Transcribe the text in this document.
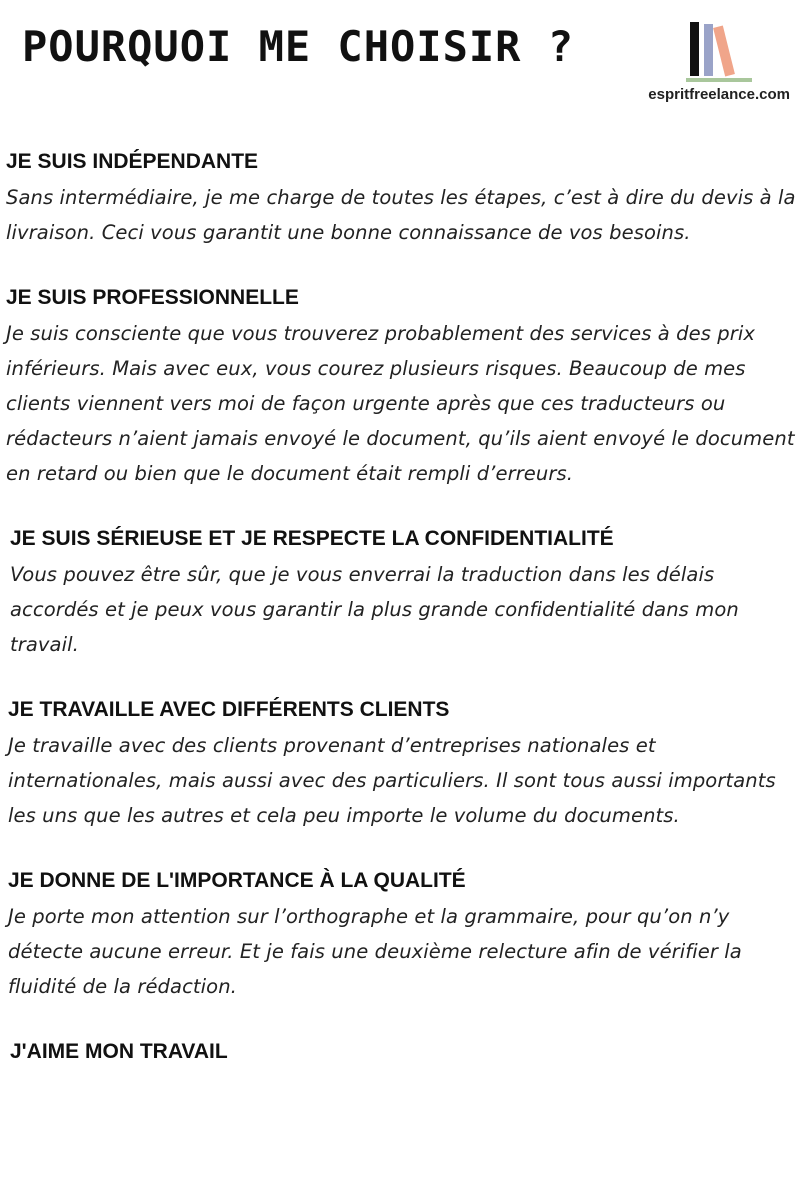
POURQUOI ME CHOISIR ?
espritfreelance.com
JE SUIS INDÉPENDANTE

Sans intermédiaire, je me charge de toutes les étapes, c’est à dire du devis à la livraison. Ceci vous garantit une bonne connaissance de vos besoins.

JE SUIS PROFESSIONNELLE

Je suis consciente que vous trouverez probablement des services à des prix inférieurs. Mais avec eux, vous courez plusieurs risques. Beaucoup de mes clients viennent vers moi de façon urgente après que ces traducteurs ou rédacteurs n’aient jamais envoyé le document, qu’ils aient envoyé le document en retard ou bien que le document était rempli d’erreurs.

JE SUIS SÉRIEUSE ET JE RESPECTE LA CONFIDENTIALITÉ

Vous pouvez être sûr, que je vous enverrai la traduction dans les délais accordés et je peux vous garantir la plus grande confidentialité dans mon travail.

JE TRAVAILLE AVEC DIFFÉRENTS CLIENTS

Je travaille avec des clients provenant d’entreprises nationales et internationales, mais aussi avec des particuliers. Il sont tous aussi importants les uns que les autres et cela peu importe le volume du documents.

JE DONNE DE L'IMPORTANCE À LA QUALITÉ

Je porte mon attention sur l’orthographe et la grammaire, pour qu’on n’y détecte aucune erreur. Et je fais une deuxième relecture afin de vérifier la fluidité de la rédaction.

J'AIME MON TRAVAIL
